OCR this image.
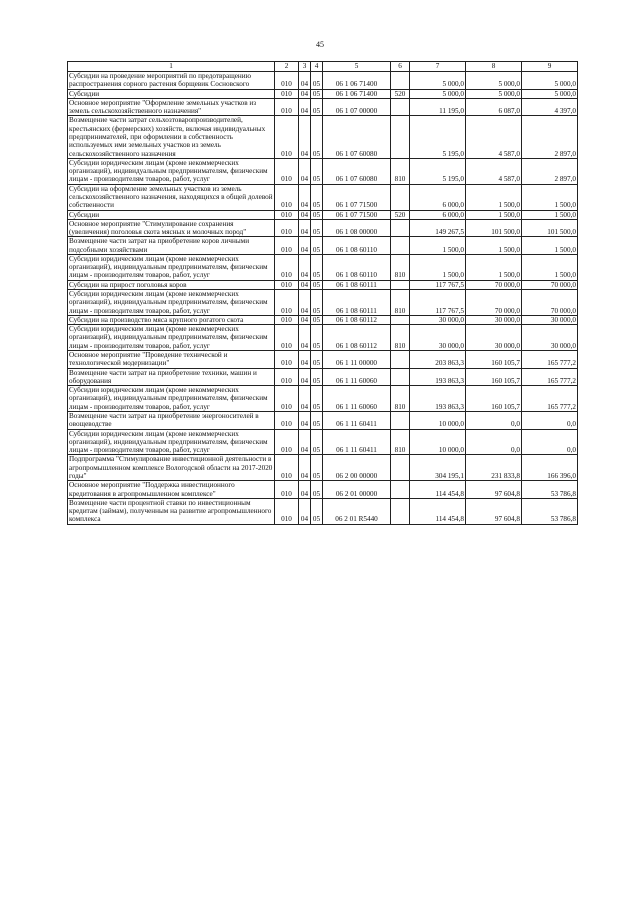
45
1	2	3	4	5	6	7	8	9
Субсидии на проведение мероприятий по предотвращению распространения сорного растения борщевик Сосновского	010	04	05	06 1 06 71400		5 000,0	5 000,0	5 000,0
Субсидии	010	04	05	06 1 06 71400	520	5 000,0	5 000,0	5 000,0
Основное мероприятие "Оформление земельных участков из земель сельскохозяйственного назначения"	010	04	05	06 1 07 00000		11 195,0	6 087,0	4 397,0
Возмещение части затрат сельхозтоваропроизводителей, крестьянских (фермерских) хозяйств, включая индивидуальных предпринимателей, при оформлении в собственность используемых ими земельных участков из земель сельскохозяйственного назначения	010	04	05	06 1 07 60080		5 195,0	4 587,0	2 897,0
Субсидии юридическим лицам (кроме некоммерческих организаций), индивидуальным предпринимателям, физическим лицам - производителям товаров, работ, услуг	010	04	05	06 1 07 60080	810	5 195,0	4 587,0	2 897,0
Субсидии на оформление земельных участков из земель сельскохозяйственного назначения, находящихся в общей долевой собственности	010	04	05	06 1 07 71500		6 000,0	1 500,0	1 500,0
Субсидии	010	04	05	06 1 07 71500	520	6 000,0	1 500,0	1 500,0
Основное мероприятие "Стимулирование сохранения (увеличения) поголовья скота мясных и молочных пород"	010	04	05	06 1 08 00000		149 267,5	101 500,0	101 500,0
Возмещение части затрат на приобретение коров личными подсобными хозяйствами	010	04	05	06 1 08 60110		1 500,0	1 500,0	1 500,0
Субсидии юридическим лицам (кроме некоммерческих организаций), индивидуальным предпринимателям, физическим лицам - производителям товаров, работ, услуг	010	04	05	06 1 08 60110	810	1 500,0	1 500,0	1 500,0
Субсидии на прирост поголовья коров	010	04	05	06 1 08 60111		117 767,5	70 000,0	70 000,0
Субсидии юридическим лицам (кроме некоммерческих организаций), индивидуальным предпринимателям, физическим лицам - производителям товаров, работ, услуг	010	04	05	06 1 08 60111	810	117 767,5	70 000,0	70 000,0
Субсидии на производство мяса крупного рогатого скота	010	04	05	06 1 08 60112		30 000,0	30 000,0	30 000,0
Субсидии юридическим лицам (кроме некоммерческих организаций), индивидуальным предпринимателям, физическим лицам - производителям товаров, работ, услуг	010	04	05	06 1 08 60112	810	30 000,0	30 000,0	30 000,0
Основное мероприятие "Проведение технической и технологической модернизации"	010	04	05	06 1 11 00000		203 863,3	160 105,7	165 777,2
Возмещение части затрат на приобретение техники, машин и оборудования	010	04	05	06 1 11 60060		193 863,3	160 105,7	165 777,2
Субсидии юридическим лицам (кроме некоммерческих организаций), индивидуальным предпринимателям, физическим лицам - производителям товаров, работ, услуг	010	04	05	06 1 11 60060	810	193 863,3	160 105,7	165 777,2
Возмещение части затрат на приобретение энергоносителей в овощеводстве	010	04	05	06 1 11 60411		10 000,0	0,0	0,0
Субсидии юридическим лицам (кроме некоммерческих организаций), индивидуальным предпринимателям, физическим лицам - производителям товаров, работ, услуг	010	04	05	06 1 11 60411	810	10 000,0	0,0	0,0
Подпрограмма "Стимулирование инвестиционной деятельности в агропромышленном комплексе Вологодской области на 2017-2020 годы"	010	04	05	06 2 00 00000		304 195,1	231 833,8	166 396,0
Основное мероприятие "Поддержка инвестиционного кредитования в агропромышленном комплексе"	010	04	05	06 2 01 00000		114 454,8	97 604,8	53 786,8
Возмещение части процентной ставки по инвестиционным кредитам (займам), полученным на развитие агропромышленного комплекса	010	04	05	06 2 01 R5440		114 454,8	97 604,8	53 786,8
